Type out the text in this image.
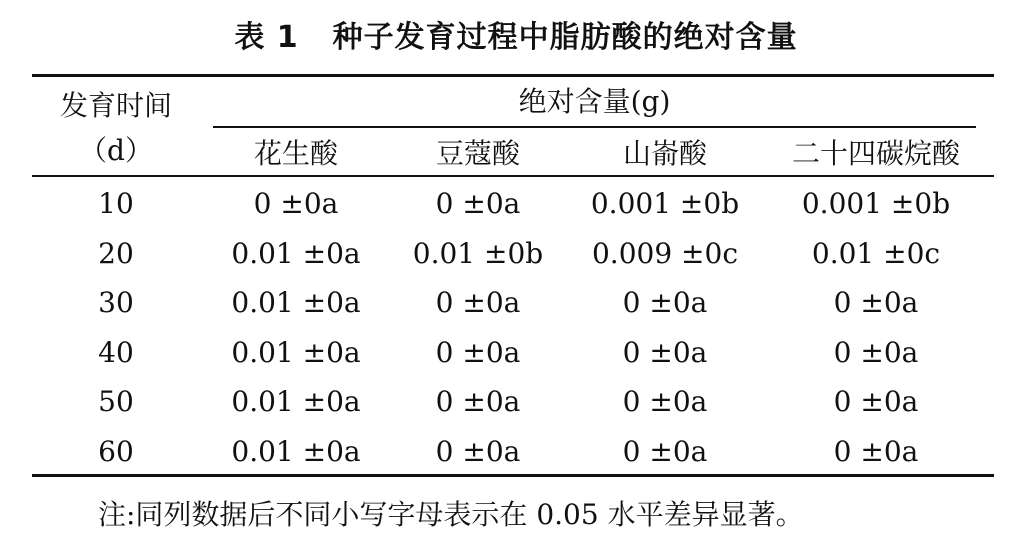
表 1 种子发育过程中脂肪酸的绝对含量
发育时间
（d）
绝对含量(g)
花生酸	豆蔻酸	山嵛酸	二十四碳烷酸
10	0 ±0a	0 ±0a	0.001 ±0b	0.001 ±0b
20	0.01 ±0a	0.01 ±0b	0.009 ±0c	0.01 ±0c
30	0.01 ±0a	0 ±0a	0 ±0a	0 ±0a
40	0.01 ±0a	0 ±0a	0 ±0a	0 ±0a
50	0.01 ±0a	0 ±0a	0 ±0a	0 ±0a
60	0.01 ±0a	0 ±0a	0 ±0a	0 ±0a
注:同列数据后不同小写字母表示在 0.05 水平差异显著。
